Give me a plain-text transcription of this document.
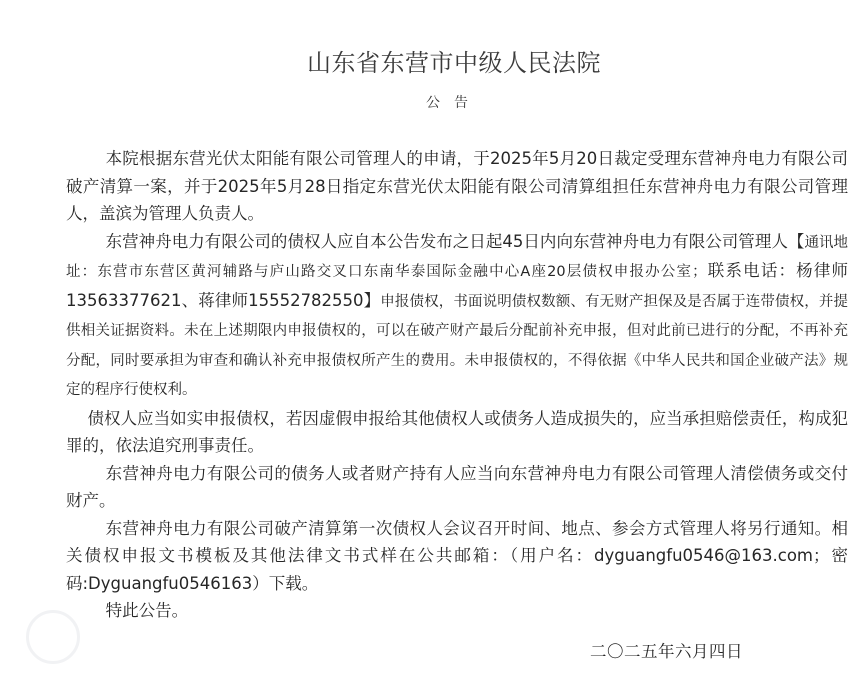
山东省东营市中级人民法院
公告

本院根据东营光伏太阳能有限公司管理人的申请，于2025年5月20日裁定受理东营神舟电力有限公司破产清算一案，并于2025年5月28日指定东营光伏太阳能有限公司清算组担任东营神舟电力有限公司管理人，盖滨为管理人负责人。

东营神舟电力有限公司的债权人应自本公告发布之日起45日内向东营神舟电力有限公司管理人【通讯地址：东营市东营区黄河辅路与庐山路交叉口东南华泰国际金融中心A座20层债权申报办公室；联系电话：杨律师13563377621、蒋律师15552782550】申报债权，书面说明债权数额、有无财产担保及是否属于连带债权，并提供相关证据资料。未在上述期限内申报债权的，可以在破产财产最后分配前补充申报，但对此前已进行的分配，不再补充分配，同时要承担为审查和确认补充申报债权所产生的费用。未申报债权的，不得依据《中华人民共和国企业破产法》规定的程序行使权利。

债权人应当如实申报债权，若因虚假申报给其他债权人或债务人造成损失的，应当承担赔偿责任，构成犯罪的，依法追究刑事责任。

东营神舟电力有限公司的债务人或者财产持有人应当向东营神舟电力有限公司管理人清偿债务或交付财产。

东营神舟电力有限公司破产清算第一次债权人会议召开时间、地点、参会方式管理人将另行通知。相关债权申报文书模板及其他法律文书式样在公共邮箱：（用户名：dyguangfu0546@163.com；密码:Dyguangfu0546163）下载。

特此公告。

二〇二五年六月四日
